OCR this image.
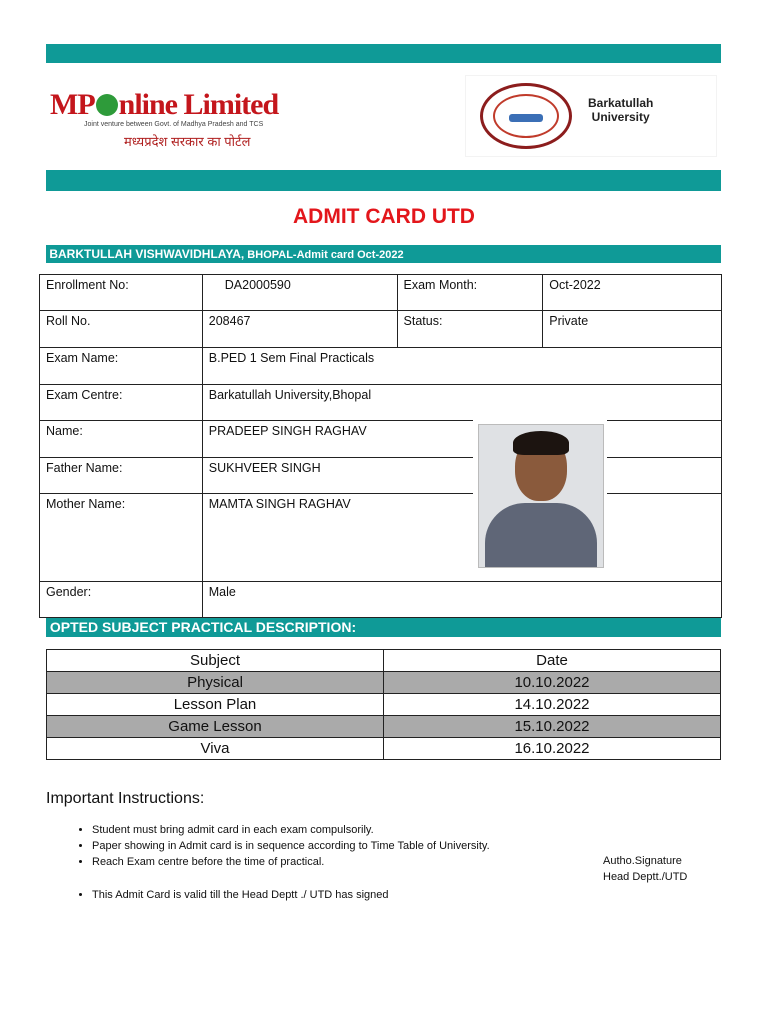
MP nline Limited
Joint venture between Govt. of Madhya Pradesh and TCS
मध्यप्रदेश सरकार का पोर्टल
Barkatullah
University
ADMIT CARD UTD
BARKTULLAH VISHWAVIDHLAYA, BHOPAL-Admit card Oct-2022
Enrollment No:	DA2000590	Exam Month:	Oct-2022
Roll No.	208467	Status:	Private
Exam Name:	B.PED 1 Sem Final Practicals		
Exam Centre:	Barkatullah University,Bhopal		
Name:	PRADEEP SINGH RAGHAV		
Father Name:	SUKHVEER SINGH		
Mother Name:	MAMTA SINGH RAGHAV		
Gender:	Male		
OPTED SUBJECT PRACTICAL DESCRIPTION:
Subject	Date
Physical	10.10.2022
Lesson Plan	14.10.2022
Game Lesson	15.10.2022
Viva	16.10.2022
Important Instructions:
• Student must bring admit card in each exam compulsorily.
• Paper showing in Admit card is in sequence according to Time Table of University.
• Reach Exam centre before the time of practical.
• This Admit Card is valid till the Head Deptt ./ UTD has signed
Autho.Signature
Head Deptt./UTD
